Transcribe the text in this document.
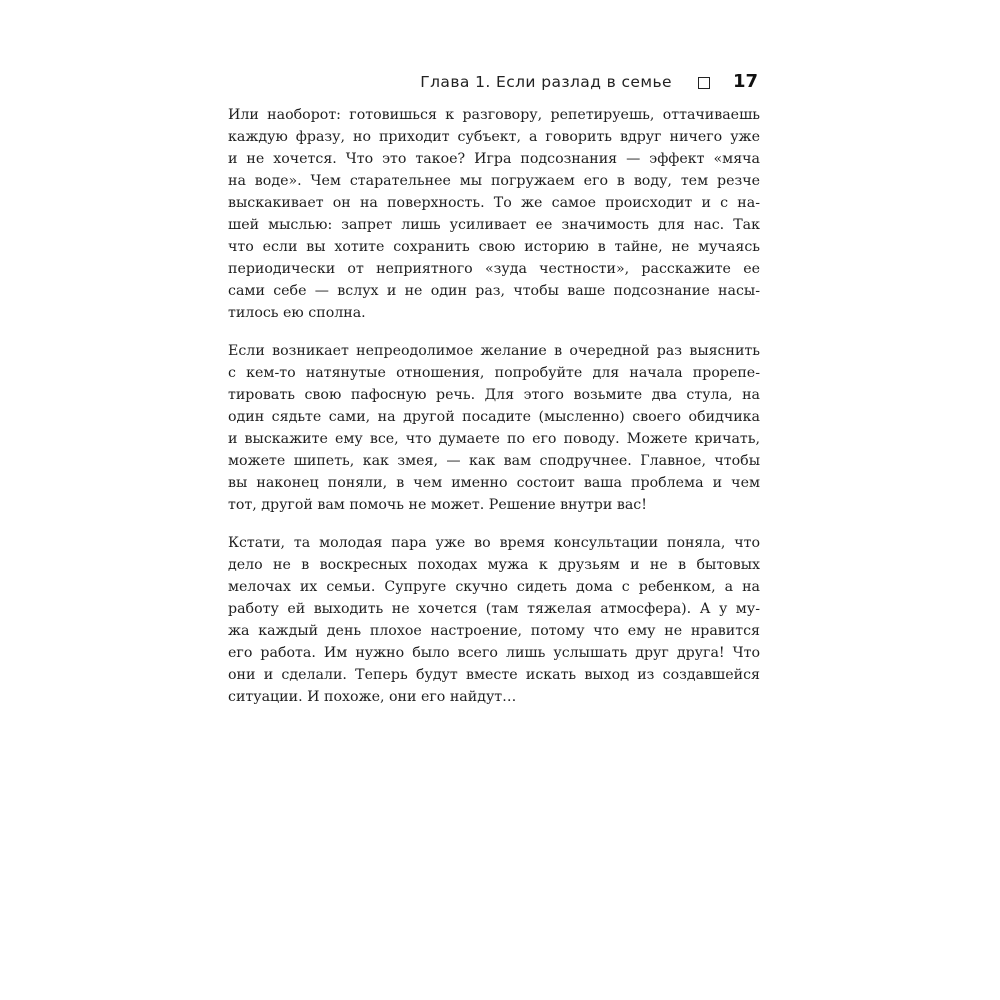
Глава 1. Если разлад в семье	17
Или наоборот: готовишься к разговору, репетируешь, оттачиваешь
каждую фразу, но приходит субъект, а говорить вдруг ничего уже
и не хочется. Что это такое? Игра подсознания — эффект «мяча
на воде». Чем старательнее мы погружаем его в воду, тем резче
выскакивает он на поверхность. То же самое происходит и с на-
шей мыслью: запрет лишь усиливает ее значимость для нас. Так
что если вы хотите сохранить свою историю в тайне, не мучаясь
периодически от неприятного «зуда честности», расскажите ее
сами себе — вслух и не один раз, чтобы ваше подсознание насы-
тилось ею сполна.
Если возникает непреодолимое желание в очередной раз выяснить
с кем-то натянутые отношения, попробуйте для начала прорепе-
тировать свою пафосную речь. Для этого возьмите два стула, на
один сядьте сами, на другой посадите (мысленно) своего обидчика
и выскажите ему все, что думаете по его поводу. Можете кричать,
можете шипеть, как змея, — как вам сподручнее. Главное, чтобы
вы наконец поняли, в чем именно состоит ваша проблема и чем
тот, другой вам помочь не может. Решение внутри вас!
Кстати, та молодая пара уже во время консультации поняла, что
дело не в воскресных походах мужа к друзьям и не в бытовых
мелочах их семьи. Супруге скучно сидеть дома с ребенком, а на
работу ей выходить не хочется (там тяжелая атмосфера). А у му-
жа каждый день плохое настроение, потому что ему не нравится
его работа. Им нужно было всего лишь услышать друг друга! Что
они и сделали. Теперь будут вместе искать выход из создавшейся
ситуации. И похоже, они его найдут…
